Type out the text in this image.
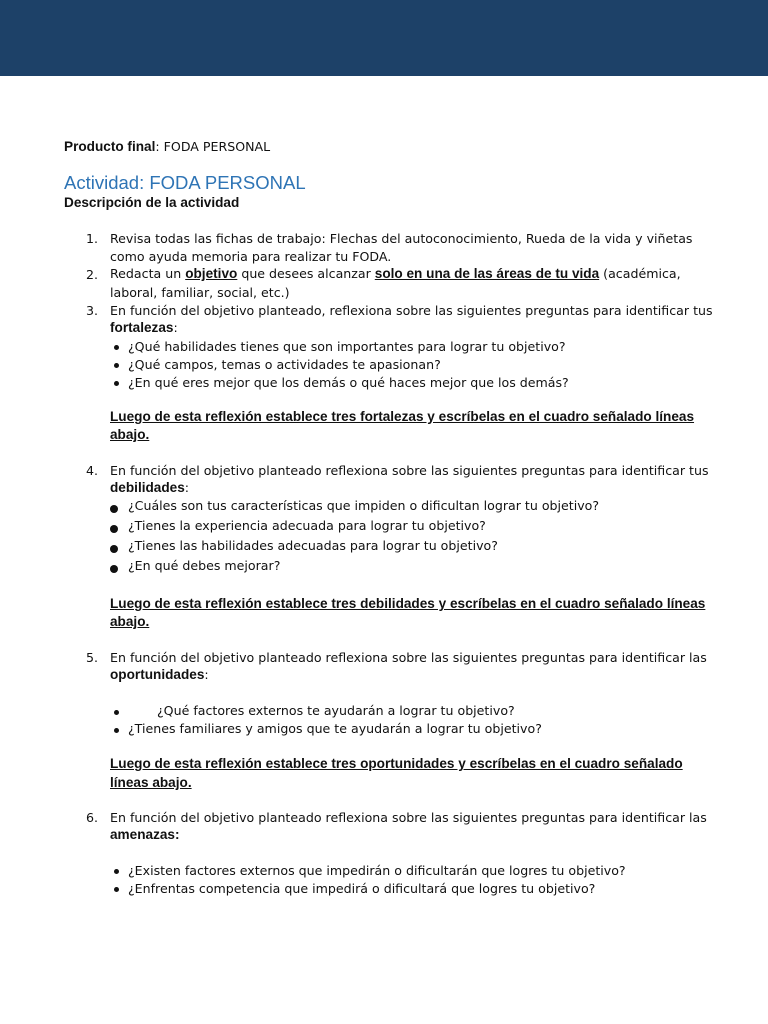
Producto final: FODA PERSONAL
Actividad: FODA PERSONAL
Descripción de la actividad
1. Revisa todas las fichas de trabajo: Flechas del autoconocimiento, Rueda de la vida y viñetas
como ayuda memoria para realizar tu FODA.
2. Redacta un objetivo que desees alcanzar solo en una de las áreas de tu vida (académica,
laboral, familiar, social, etc.)
3. En función del objetivo planteado, reflexiona sobre las siguientes preguntas para identificar tus
fortalezas:
¿Qué habilidades tienes que son importantes para lograr tu objetivo?
¿Qué campos, temas o actividades te apasionan?
¿En qué eres mejor que los demás o qué haces mejor que los demás?
Luego de esta reflexión establece tres fortalezas y escríbelas en el cuadro señalado líneas
abajo.
4. En función del objetivo planteado reflexiona sobre las siguientes preguntas para identificar tus
debilidades:
¿Cuáles son tus características que impiden o dificultan lograr tu objetivo?
¿Tienes la experiencia adecuada para lograr tu objetivo?
¿Tienes las habilidades adecuadas para lograr tu objetivo?
¿En qué debes mejorar?
Luego de esta reflexión establece tres debilidades y escríbelas en el cuadro señalado líneas
abajo.
5. En función del objetivo planteado reflexiona sobre las siguientes preguntas para identificar las
oportunidades:
¿Qué factores externos te ayudarán a lograr tu objetivo?
¿Tienes familiares y amigos que te ayudarán a lograr tu objetivo?
Luego de esta reflexión establece tres oportunidades y escríbelas en el cuadro señalado
líneas abajo.
6. En función del objetivo planteado reflexiona sobre las siguientes preguntas para identificar las
amenazas:
¿Existen factores externos que impedirán o dificultarán que logres tu objetivo?
¿Enfrentas competencia que impedirá o dificultará que logres tu objetivo?
